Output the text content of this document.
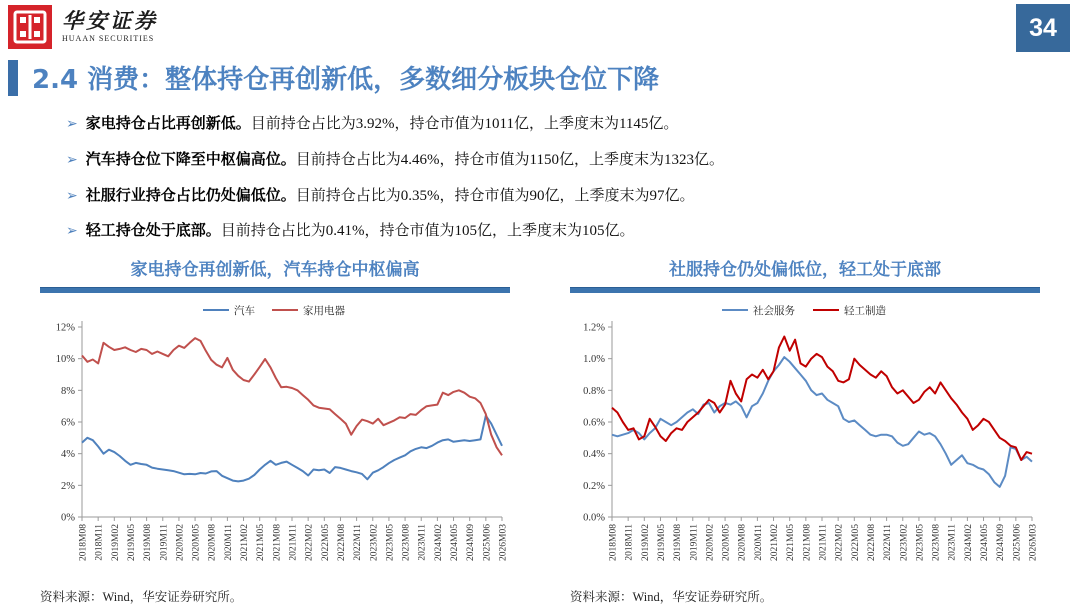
华安证券
HUAAN SECURITIES	34
2.4 消费：整体持仓再创新低，多数细分板块仓位下降
➢ 家电持仓占比再创新低。目前持仓占比为3.92%，持仓市值为1011亿，上季度末为1145亿。
➢ 汽车持仓位下降至中枢偏高位。目前持仓占比为4.46%，持仓市值为1150亿，上季度末为1323亿。
➢ 社服行业持仓占比仍处偏低位。目前持仓占比为0.35%，持仓市值为90亿，上季度末为97亿。
➢ 轻工持仓处于底部。目前持仓占比为0.41%，持仓市值为105亿，上季度末为105亿。
家电持仓再创新低，汽车持仓中枢偏高
0%
2%
4%
6%
8%
10%
12%
2018M08 2018M11 2019M02 2019M05 2019M08 2019M11 2020M02 2020M05 2020M08 2020M11 2021M02 2021M05 2021M08 2021M11 2022M02 2022M05 2022M08 2022M11 2023M02 2023M05 2023M08 2023M11 2024M02 2024M05 2024M09 2025M06 2026M03
汽车	家用电器
资料来源：Wind，华安证券研究所。
社服持仓仍处偏低位，轻工处于底部
0.0%
0.2%
0.4%
0.6%
0.8%
1.0%
1.2%
2018M08 2018M11 2019M02 2019M05 2019M08 2019M11 2020M02 2020M05 2020M08 2020M11 2021M02 2021M05 2021M08 2021M11 2022M02 2022M05 2022M08 2022M11 2023M02 2023M05 2023M08 2023M11 2024M02 2024M05 2024M09 2025M06 2026M03
社会服务	轻工制造
资料来源：Wind，华安证券研究所。
